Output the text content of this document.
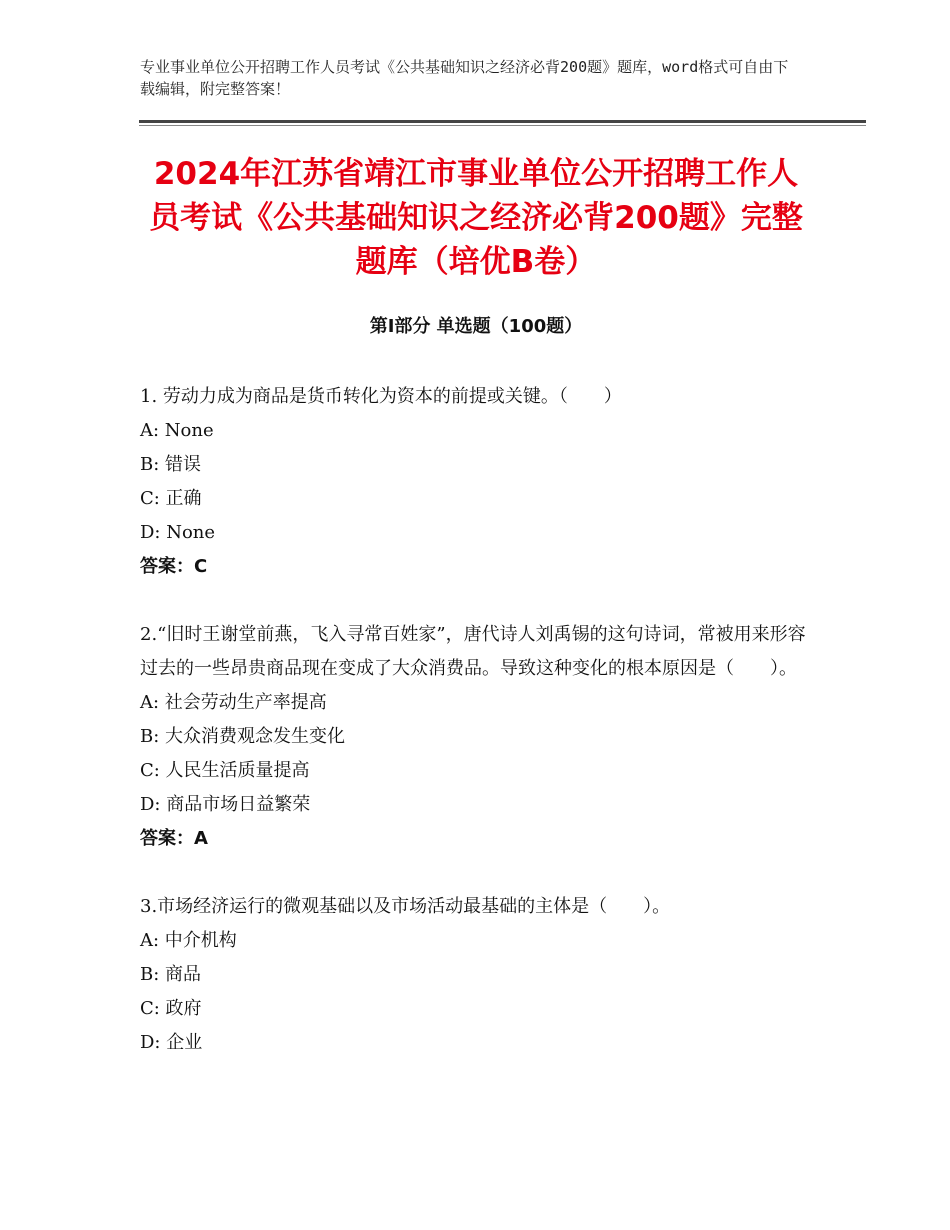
专业事业单位公开招聘工作人员考试《公共基础知识之经济必背200题》题库，word格式可自由下载编辑，附完整答案！
2024年江苏省靖江市事业单位公开招聘工作人员考试《公共基础知识之经济必背200题》完整题库（培优B卷）
第Ⅰ部分 单选题（100题）

1. 劳动力成为商品是货币转化为资本的前提或关键。（　　）

A: None

B: 错误

C: 正确

D: None

答案：C

2.“旧时王谢堂前燕，飞入寻常百姓家”，唐代诗人刘禹锡的这句诗词，常被用来形容过去的一些昂贵商品现在变成了大众消费品。导致这种变化的根本原因是（　　）。

A: 社会劳动生产率提高

B: 大众消费观念发生变化

C: 人民生活质量提高

D: 商品市场日益繁荣

答案：A

3.市场经济运行的微观基础以及市场活动最基础的主体是（　　）。

A: 中介机构

B: 商品

C: 政府

D: 企业
